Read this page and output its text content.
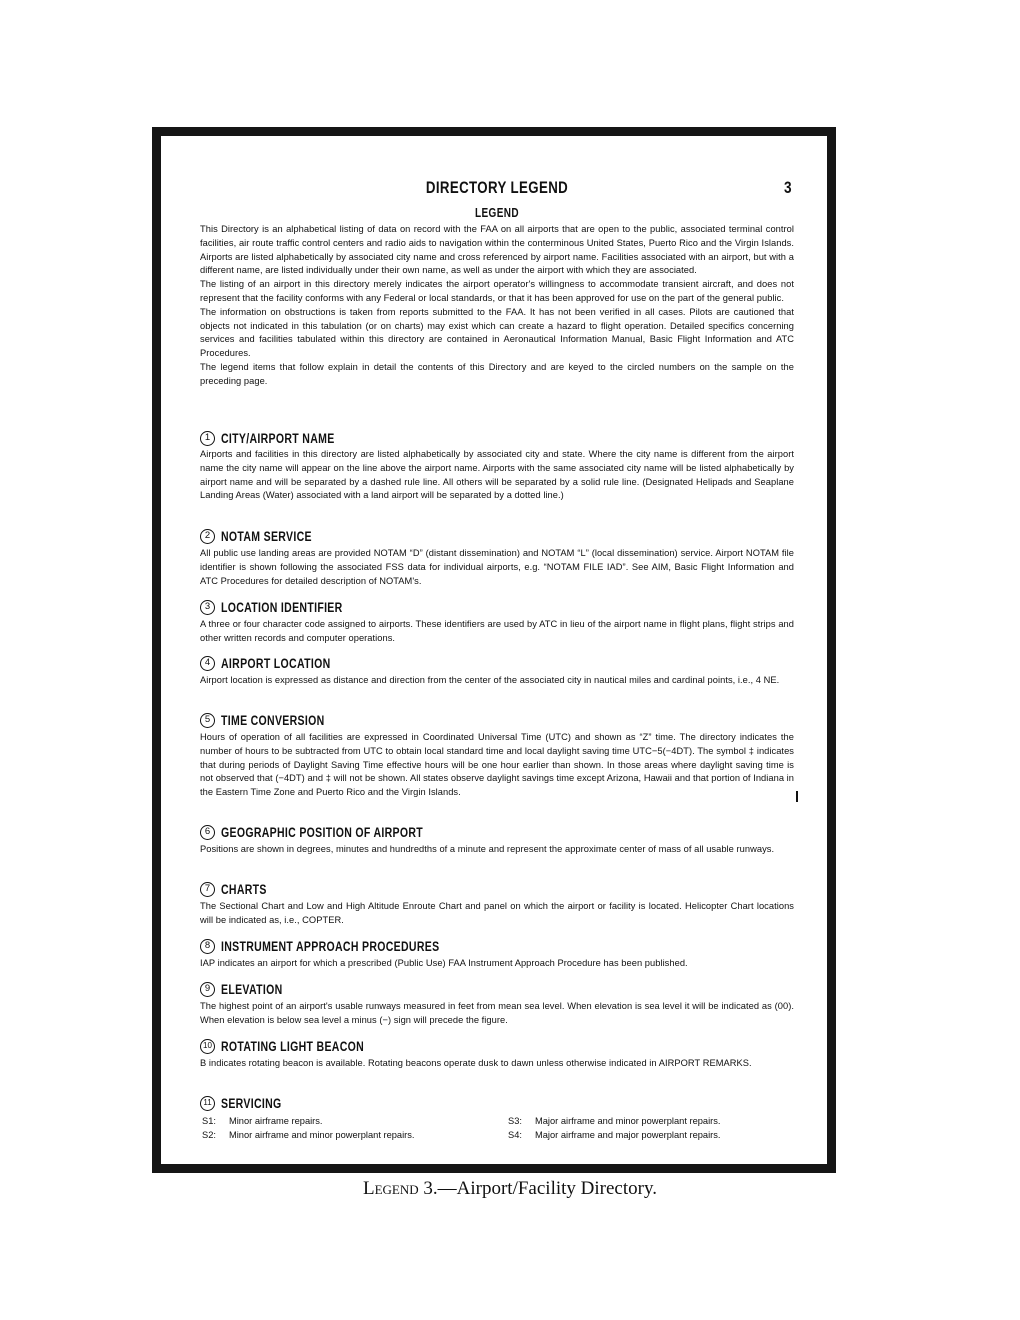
DIRECTORY LEGEND	3
LEGEND

This Directory is an alphabetical listing of data on record with the FAA on all airports that are open to the public, associated terminal control facilities, air route traffic control centers and radio aids to navigation within the conterminous United States, Puerto Rico and the Virgin Islands. Airports are listed alphabetically by associated city name and cross referenced by airport name. Facilities associated with an airport, but with a different name, are listed individually under their own name, as well as under the airport with which they are associated.

The listing of an airport in this directory merely indicates the airport operator's willingness to accommodate transient aircraft, and does not represent that the facility conforms with any Federal or local standards, or that it has been approved for use on the part of the general public.

The information on obstructions is taken from reports submitted to the FAA. It has not been verified in all cases. Pilots are cautioned that objects not indicated in this tabulation (or on charts) may exist which can create a hazard to flight operation. Detailed specifics concerning services and facilities tabulated within this directory are contained in Aeronautical Information Manual, Basic Flight Information and ATC Procedures.

The legend items that follow explain in detail the contents of this Directory and are keyed to the circled numbers on the sample on the preceding page.

1 CITY/AIRPORT NAME

Airports and facilities in this directory are listed alphabetically by associated city and state. Where the city name is different from the airport name the city name will appear on the line above the airport name. Airports with the same associated city name will be listed alphabetically by airport name and will be separated by a dashed rule line. All others will be separated by a solid rule line. (Designated Helipads and Seaplane Landing Areas (Water) associated with a land airport will be separated by a dotted line.)

2 NOTAM SERVICE

All public use landing areas are provided NOTAM “D” (distant dissemination) and NOTAM “L” (local dissemination) service. Airport NOTAM file identifier is shown following the associated FSS data for individual airports, e.g. “NOTAM FILE IAD”. See AIM, Basic Flight Information and ATC Procedures for detailed description of NOTAM's.

3 LOCATION IDENTIFIER

A three or four character code assigned to airports. These identifiers are used by ATC in lieu of the airport name in flight plans, flight strips and other written records and computer operations.

4 AIRPORT LOCATION

Airport location is expressed as distance and direction from the center of the associated city in nautical miles and cardinal points, i.e., 4 NE.

5 TIME CONVERSION

Hours of operation of all facilities are expressed in Coordinated Universal Time (UTC) and shown as “Z” time. The directory indicates the number of hours to be subtracted from UTC to obtain local standard time and local daylight saving time UTC−5(−4DT). The symbol ‡ indicates that during periods of Daylight Saving Time effective hours will be one hour earlier than shown. In those areas where daylight saving time is not observed that (−4DT) and ‡ will not be shown. All states observe daylight savings time except Arizona, Hawaii and that portion of Indiana in the Eastern Time Zone and Puerto Rico and the Virgin Islands.

6 GEOGRAPHIC POSITION OF AIRPORT

Positions are shown in degrees, minutes and hundredths of a minute and represent the approximate center of mass of all usable runways.

7 CHARTS

The Sectional Chart and Low and High Altitude Enroute Chart and panel on which the airport or facility is located. Helicopter Chart locations will be indicated as, i.e., COPTER.

8 INSTRUMENT APPROACH PROCEDURES

IAP indicates an airport for which a prescribed (Public Use) FAA Instrument Approach Procedure has been published.

9 ELEVATION

The highest point of an airport's usable runways measured in feet from mean sea level. When elevation is sea level it will be indicated as (00). When elevation is below sea level a minus (−) sign will precede the figure.

10 ROTATING LIGHT BEACON

B indicates rotating beacon is available. Rotating beacons operate dusk to dawn unless otherwise indicated in AIRPORT REMARKS.

11 SERVICING
S1: Minor airframe repairs.
S2: Minor airframe and minor powerplant repairs.
S3: Major airframe and minor powerplant repairs.
S4: Major airframe and major powerplant repairs.
Legend 3.—Airport/Facility Directory.
